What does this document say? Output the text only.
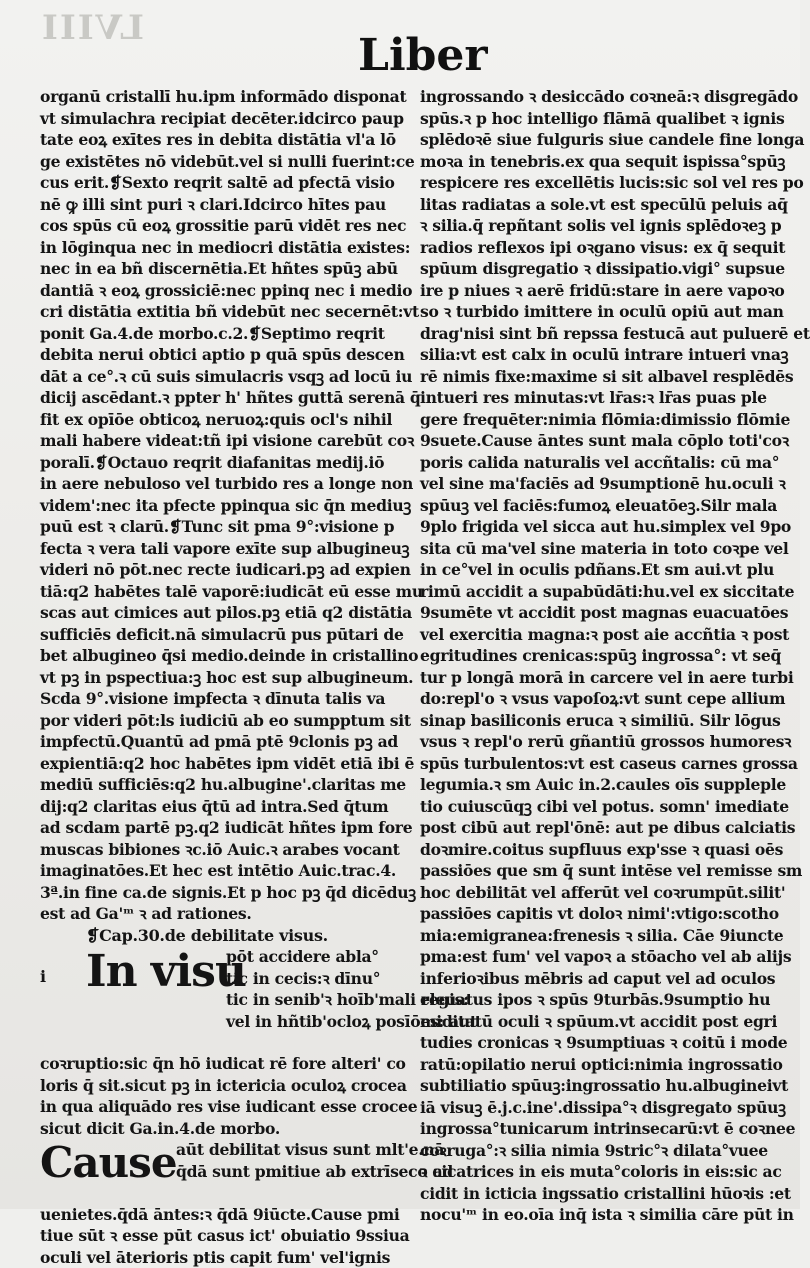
LVIII
Liber
organū cristallī hu.ipm informādo disponat
vt simulachra recipiat decēter.idcirco paup
tate eoꝝ exītes res in debita distātia vl'a lō
ge existētes nō videbūt.vel si nulli fuerint:ce
cus erit.❡Sexto reqrit saltē ad pfectā visio
nē ꝙ illi sint puri ꝛ clari.Idcirco hītes pau
cos spūs cū eoꝝ grossitie parū vidēt res nec
in lōginqua nec in mediocri distātia existes:
nec in ea bñ discernētia.Et hñtes spūꝫ abū
dantiā ꝛ eoꝝ grossiciē:nec ppinq nec i medio
cri distātia extitia bñ videbūt nec secernēt:vt
ponit Ga.4.de morbo.c.2.❡Septimo reqrit
debita nerui obtici aptio p quā spūs descen
dāt a ce°.ꝛ cū suis simulacris vsqꝫ ad locū iu
dicij ascēdant.ꝛ ppter h' hñtes guttā serenā q̄
fit ex opīōe obticoꝝ neruoꝝ:quis ocl's nihil
mali habere videat:tñ ipi visione carebūt coꝛ
poralī.❡Octauo reqrit diafanitas medij.iō
in aere nebuloso vel turbido res a longe non
videm':nec ita pfecte ppinqua sic q̄n mediuꝫ
puū est ꝛ clarū.❡Tunc sit pma 9°:visione p
fecta ꝛ vera tali vapore exīte sup albugineuꝫ
videri nō pōt.nec recte iudicari.pꝫ ad expien
tiā:q2 habētes talē vaporē:iudicāt eū esse mu
scas aut cimices aut pilos.pꝫ etiā q2 distātia
sufficiēs deficit.nā simulacrū pus pūtari de
bet albugineo q̄si medio.deinde in cristallino
vt pꝫ in pspectiua:ꝫ hoc est sup albugineum.
Scda 9°.visione impfecta ꝛ dīnuta talis va
por videri pōt:ls iudiciū ab eo sumpptum sit
impfectū.Quantū ad pmā ptē 9clonis pꝫ ad
expientiā:q2 hoc habētes ipm vidēt etiā ibi ē
mediū sufficiēs:q2 hu.albugine'.claritas me
dij:q2 claritas eius q̄tū ad intra.Sed q̄tum
ad scdam partē pꝫ.q2 iudicāt hñtes ipm fore
muscas bibiones ꝛc.iō Auic.ꝛ arabes vocant
imaginatōes.Et hec est intētio Auic.trac.4.
3ª.in fine ca.de signis.Et p hoc pꝫ q̄d dicēduꝫ
est ad Ga'ᵐ ꝛ ad rationes.
❡Cap.30.de debilitate visus.
i In visu
pōt accidere abla°
tic in cecis:ꝛ dīnu°
tic in senib'ꝛ hoīb'mali regis:
vel in hñtib'ocloꝝ posīōes: aut
coꝛruptio:sic q̄n hō iudicat rē fore alteri' co
loris q̄ sit.sicut pꝫ in ictericia oculoꝝ crocea
in qua aliquādo res vise iudicant esse crocee
sicut dicit Ga.in.4.de morbo.
Cause aūt debilitat visus sunt mlt'e.nā
q̄dā sunt pmitiue ab extrīseco ad
uenietes.q̄dā āntes:ꝛ q̄dā 9iūcte.Cause pmi
tiue sūt ꝛ esse pūt casus ict' obuiatio 9ssiua
oculi vel āterioris ptis capit fum' vel'ignis
ingrossando ꝛ desiccādo coꝛneā:ꝛ disgregādo
spūs.ꝛ p hoc intelligo flāmā qualibet ꝛ ignis
splēdoꝛē siue fulguris siue candele fine longa
moꝛa in tenebris.ex qua sequit ispissa°spūꝫ
respicere res excellētis lucis:sic sol vel res po
litas radiatas a sole.vt est specūlū peluis aq̄
ꝛ silia.q̄ repñtant solis vel ignis splēdoꝛeꝫ p
radios reflexos ipi oꝛgano visus: ex q̄ sequit
spūum disgregatio ꝛ dissipatio.vigi° supsue
ire p niues ꝛ aerē fridū:stare in aere vapoꝛo
so ꝛ turbido imittere in oculū opiū aut man
drag'nisi sint bñ repssa festucā aut puluerē et
silia:vt est calx in oculū intrare intueri vnaꝫ
rē nimis fixe:maxime si sit albavel resplēdēs
intueri res minutas:vt lr̄as:ꝛ lr̄as puas ple
gere frequēter:nimia flōmia:dimissio flōmie
9suete.Cause āntes sunt mala cōplo toti'coꝛ
poris calida naturalis vel accñtalis: cū ma°
vel sine ma'faciēs ad 9sumptionē hu.oculi ꝛ
spūuꝫ vel faciēs:fumoꝝ eleuatōeꝫ.Silr mala
9plo frigida vel sicca aut hu.simplex vel 9po
sita cū ma'vel sine materia in toto coꝛpe vel
in ce°vel in oculis pdñans.Et sm aui.vt plu
rimū accidit a supabūdāti:hu.vel ex siccitate
9sumēte vt accidit post magnas euacuatōes
vel exercitia magna:ꝛ post aie accñtia ꝛ post
egritudines crenicas:spūꝫ ingrossa°: vt seq̄
tur p longā morā in carcere vel in aere turbi
do:repl'o ꝛ vsus vapoſoꝝ:vt sunt cepe allium
sinap basiliconis eruca ꝛ similiū. Silr lōgus
vsus ꝛ repl'o rerū gñantiū grossos humoresꝛ
spūs turbulentos:vt est caseus carnes grossa
legumia.ꝛ sm Auic in.2.caules oīs suppleple
tio cuiuscūqꝫ cibi vel potus. somn' imediate
post cibū aut repl'ōnē: aut pe dibus calciatis
doꝛmire.coitus supfluus exp'sse ꝛ quasi oēs
passiōes que sm q̄ sunt intēse vel remisse sm
hoc debilitāt vel afferūt vel coꝛrumpūt.silit'
passiōes capitis vt doloꝛ nimi':vtigo:scotho
mia:emigranea:frenesis ꝛ silia. Cāe 9iuncte
pma:est fum' vel vapoꝛ a stōacho vel ab alijs
inferioꝛibus mēbris ad caput vel ad oculos
eleuatus ipos ꝛ spūs 9turbās.9sumptio hu
miditatū oculi ꝛ spūum.vt accidit post egri
tudies cronicas ꝛ 9sumptiuas ꝛ coitū i mode
ratū:opilatio nerui optici:nimia ingrossatio
subtiliatio spūuꝫ:ingrossatio hu.albugineivt
iā visuꝫ ē.j.c.ine'.dissipa°ꝛ disgregato spūuꝫ
ingrossa°tunicarum intrinsecarū:vt ē coꝛnee
coꝛruga°:ꝛ silia nimia 9stric°ꝛ dilata°vuee
ꝛ cicatrices in eis muta°coloris in eis:sic ac
cidit in icticia ingssatio cristallini hūoꝛis :et
nocu'ᵐ in eo.oīa inq̄ ista ꝛ similia cāre pūt in
